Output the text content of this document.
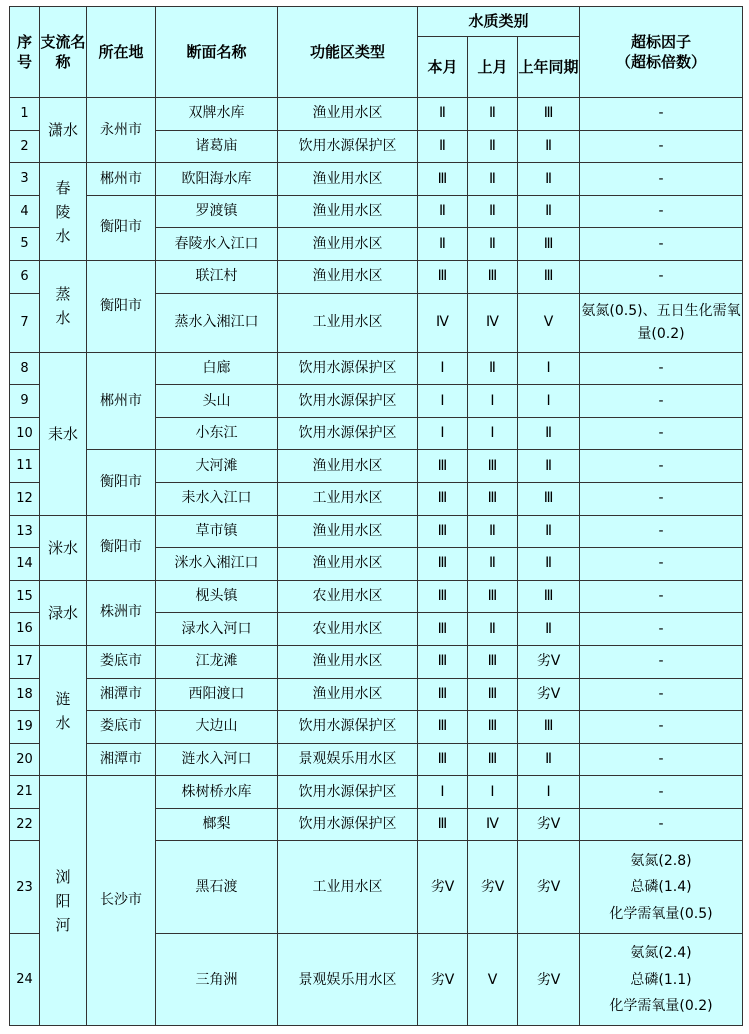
序号	支流名称	所在地	断面名称	功能区类型	水质类别			超标因子
（超标倍数）

					本月	上月	上年同期	
1	潇水	永州市	双牌水库	渔业用水区	Ⅱ	Ⅱ	Ⅲ	-
2			诸葛庙	饮用水源保护区	Ⅱ	Ⅱ	Ⅱ	-
3	春陵水	郴州市	欧阳海水库	渔业用水区	Ⅲ	Ⅱ	Ⅱ	-
4		衡阳市	罗渡镇	渔业用水区	Ⅱ	Ⅱ	Ⅱ	-
5			春陵水入江口	渔业用水区	Ⅱ	Ⅱ	Ⅲ	-
6	蒸水	衡阳市	联江村	渔业用水区	Ⅲ	Ⅲ	Ⅲ	-
7			蒸水入湘江口	工业用水区	Ⅳ	Ⅳ	Ⅴ	氨氮(0.5)、五日生化需氧量(0.2)
8	耒水	郴州市	白廊	饮用水源保护区	Ⅰ	Ⅱ	Ⅰ	-
9			头山	饮用水源保护区	Ⅰ	Ⅰ	Ⅰ	-
10			小东江	饮用水源保护区	Ⅰ	Ⅰ	Ⅱ	-
11		衡阳市	大河滩	渔业用水区	Ⅲ	Ⅲ	Ⅱ	-
12			耒水入江口	工业用水区	Ⅲ	Ⅲ	Ⅲ	-
13	洣水	衡阳市	草市镇	渔业用水区	Ⅲ	Ⅱ	Ⅱ	-
14			洣水入湘江口	渔业用水区	Ⅲ	Ⅱ	Ⅱ	-
15	渌水	株洲市	枧头镇	农业用水区	Ⅲ	Ⅲ	Ⅲ	-
16			渌水入河口	农业用水区	Ⅲ	Ⅱ	Ⅱ	-
17	涟水	娄底市	江龙滩	渔业用水区	Ⅲ	Ⅲ	劣Ⅴ	-
18		湘潭市	西阳渡口	渔业用水区	Ⅲ	Ⅲ	劣Ⅴ	-
19		娄底市	大边山	饮用水源保护区	Ⅲ	Ⅲ	Ⅲ	-
20		湘潭市	涟水入河口	景观娱乐用水区	Ⅲ	Ⅲ	Ⅱ	-
21	浏阳河	长沙市	株树桥水库	饮用水源保护区	Ⅰ	Ⅰ	Ⅰ	-
22			榔梨	饮用水源保护区	Ⅲ	Ⅳ	劣Ⅴ	-
23			黑石渡	工业用水区	劣Ⅴ	劣Ⅴ	劣Ⅴ	氨氮(2.8)
总磷(1.4)
化学需氧量(0.5)

24			三角洲	景观娱乐用水区	劣Ⅴ	Ⅴ	劣Ⅴ	氨氮(2.4)
总磷(1.1)
化学需氧量(0.2)
